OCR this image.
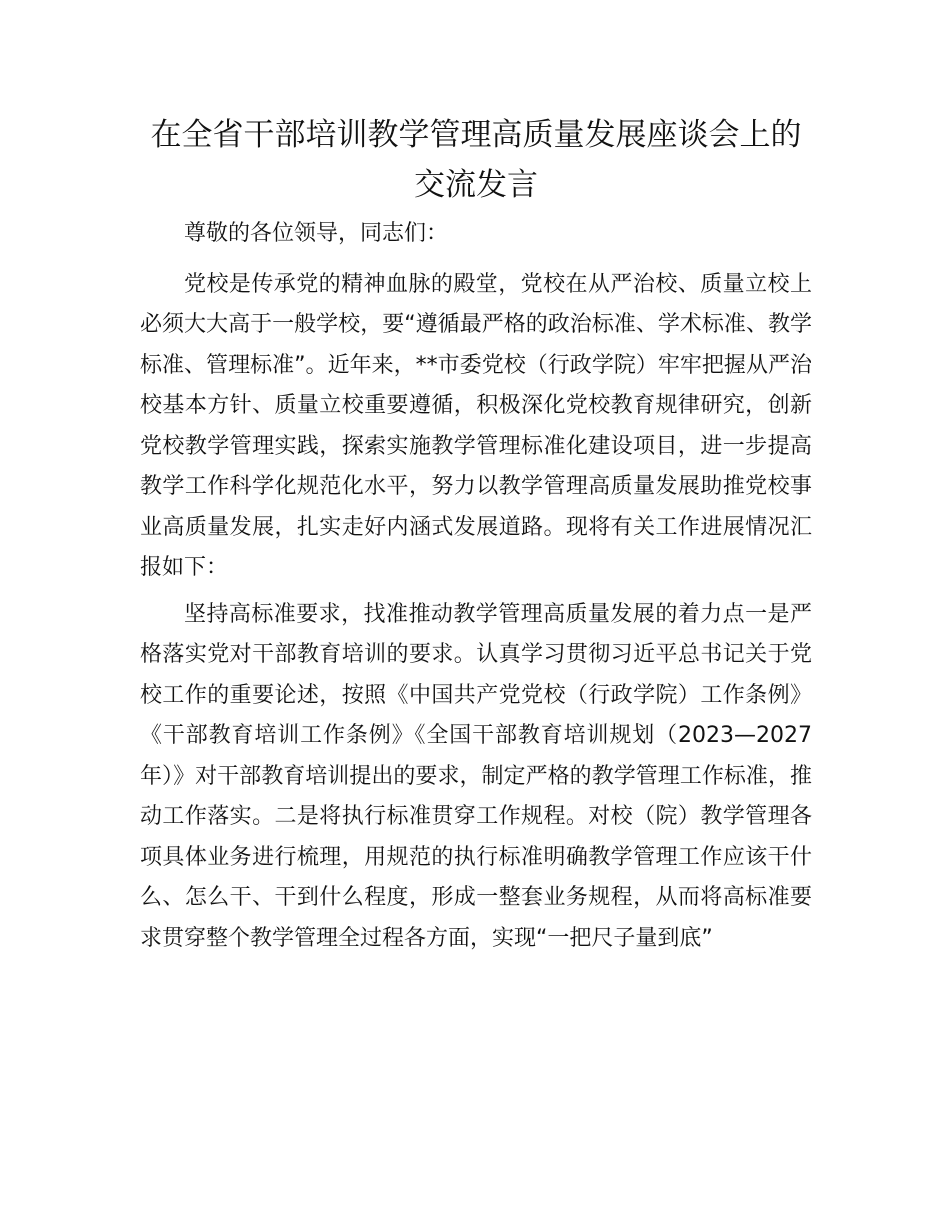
在全省干部培训教学管理高质量发展座谈会上的交流发言

尊敬的各位领导，同志们：

党校是传承党的精神血脉的殿堂，党校在从严治校、质量立校上必须大大高于一般学校，要“遵循最严格的政治标准、学术标准、教学标准、管理标准”。近年来，**市委党校（行政学院）牢牢把握从严治校基本方针、质量立校重要遵循，积极深化党校教育规律研究，创新党校教学管理实践，探索实施教学管理标准化建设项目，进一步提高教学工作科学化规范化水平，努力以教学管理高质量发展助推党校事业高质量发展，扎实走好内涵式发展道路。现将有关工作进展情况汇报如下：

坚持高标准要求，找准推动教学管理高质量发展的着力点一是严格落实党对干部教育培训的要求。认真学习贯彻习近平总书记关于党校工作的重要论述，按照《中国共产党党校（行政学院）工作条例》《干部教育培训工作条例》《全国干部教育培训规划（2023—2027 年）》对干部教育培训提出的要求，制定严格的教学管理工作标准，推动工作落实。二是将执行标准贯穿工作规程。对校（院）教学管理各项具体业务进行梳理，用规范的执行标准明确教学管理工作应该干什么、怎么干、干到什么程度，形成一整套业务规程，从而将高标准要求贯穿整个教学管理全过程各方面，实现“一把尺子量到底”
